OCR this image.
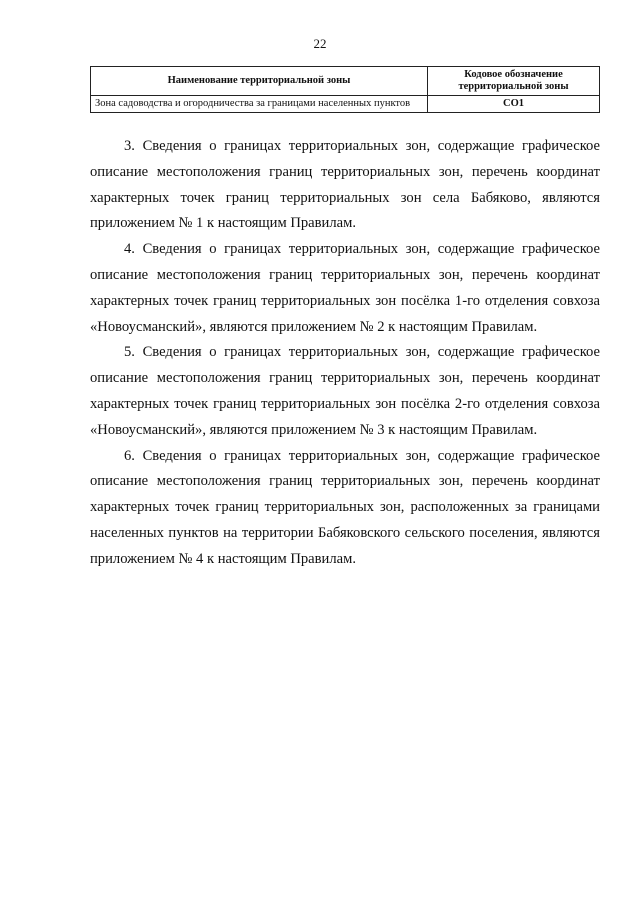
22
Наименование территориальной зоны	Кодовое обозначение территориальной зоны
Зона садоводства и огородничества за границами населенных пунктов	СО1

3. Сведения о границах территориальных зон, содержащие графическое описание местоположения границ территориальных зон, перечень координат характерных точек границ территориальных зон села Бабяково, являются приложением № 1 к настоящим Правилам.

4. Сведения о границах территориальных зон, содержащие графическое описание местоположения границ территориальных зон, перечень координат характерных точек границ территориальных зон посёлка 1-го отделения совхоза «Новоусманский», являются приложением № 2 к настоящим Правилам.

5. Сведения о границах территориальных зон, содержащие графическое описание местоположения границ территориальных зон, перечень координат характерных точек границ территориальных зон посёлка 2-го отделения совхоза «Новоусманский», являются приложением № 3 к настоящим Правилам.

6. Сведения о границах территориальных зон, содержащие графическое описание местоположения границ территориальных зон, перечень координат характерных точек границ территориальных зон, расположенных за границами населенных пунктов на территории Бабяковского сельского поселения, являются приложением № 4 к настоящим Правилам.
